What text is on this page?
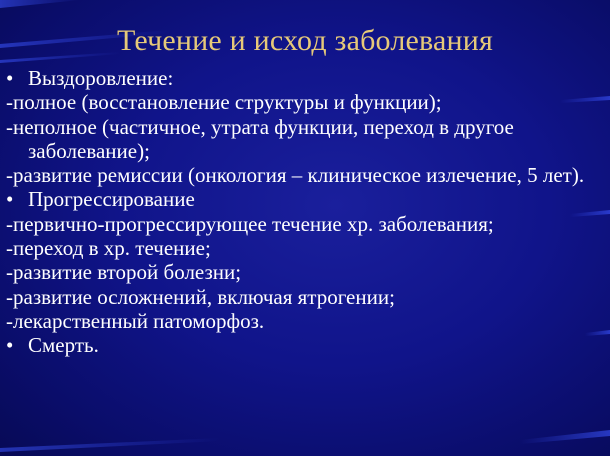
Течение и исход заболевания
• Выздоровление:
-полное (восстановление структуры и функции);
-неполное (частичное, утрата функции, переход в другое заболевание);
-развитие ремиссии (онкология – клиническое излечение, 5 лет).
• Прогрессирование
-первично-прогрессирующее течение хр. заболевания;
-переход в хр. течение;
-развитие второй болезни;
-развитие осложнений, включая ятрогении;
-лекарственный патоморфоз.
• Смерть.
